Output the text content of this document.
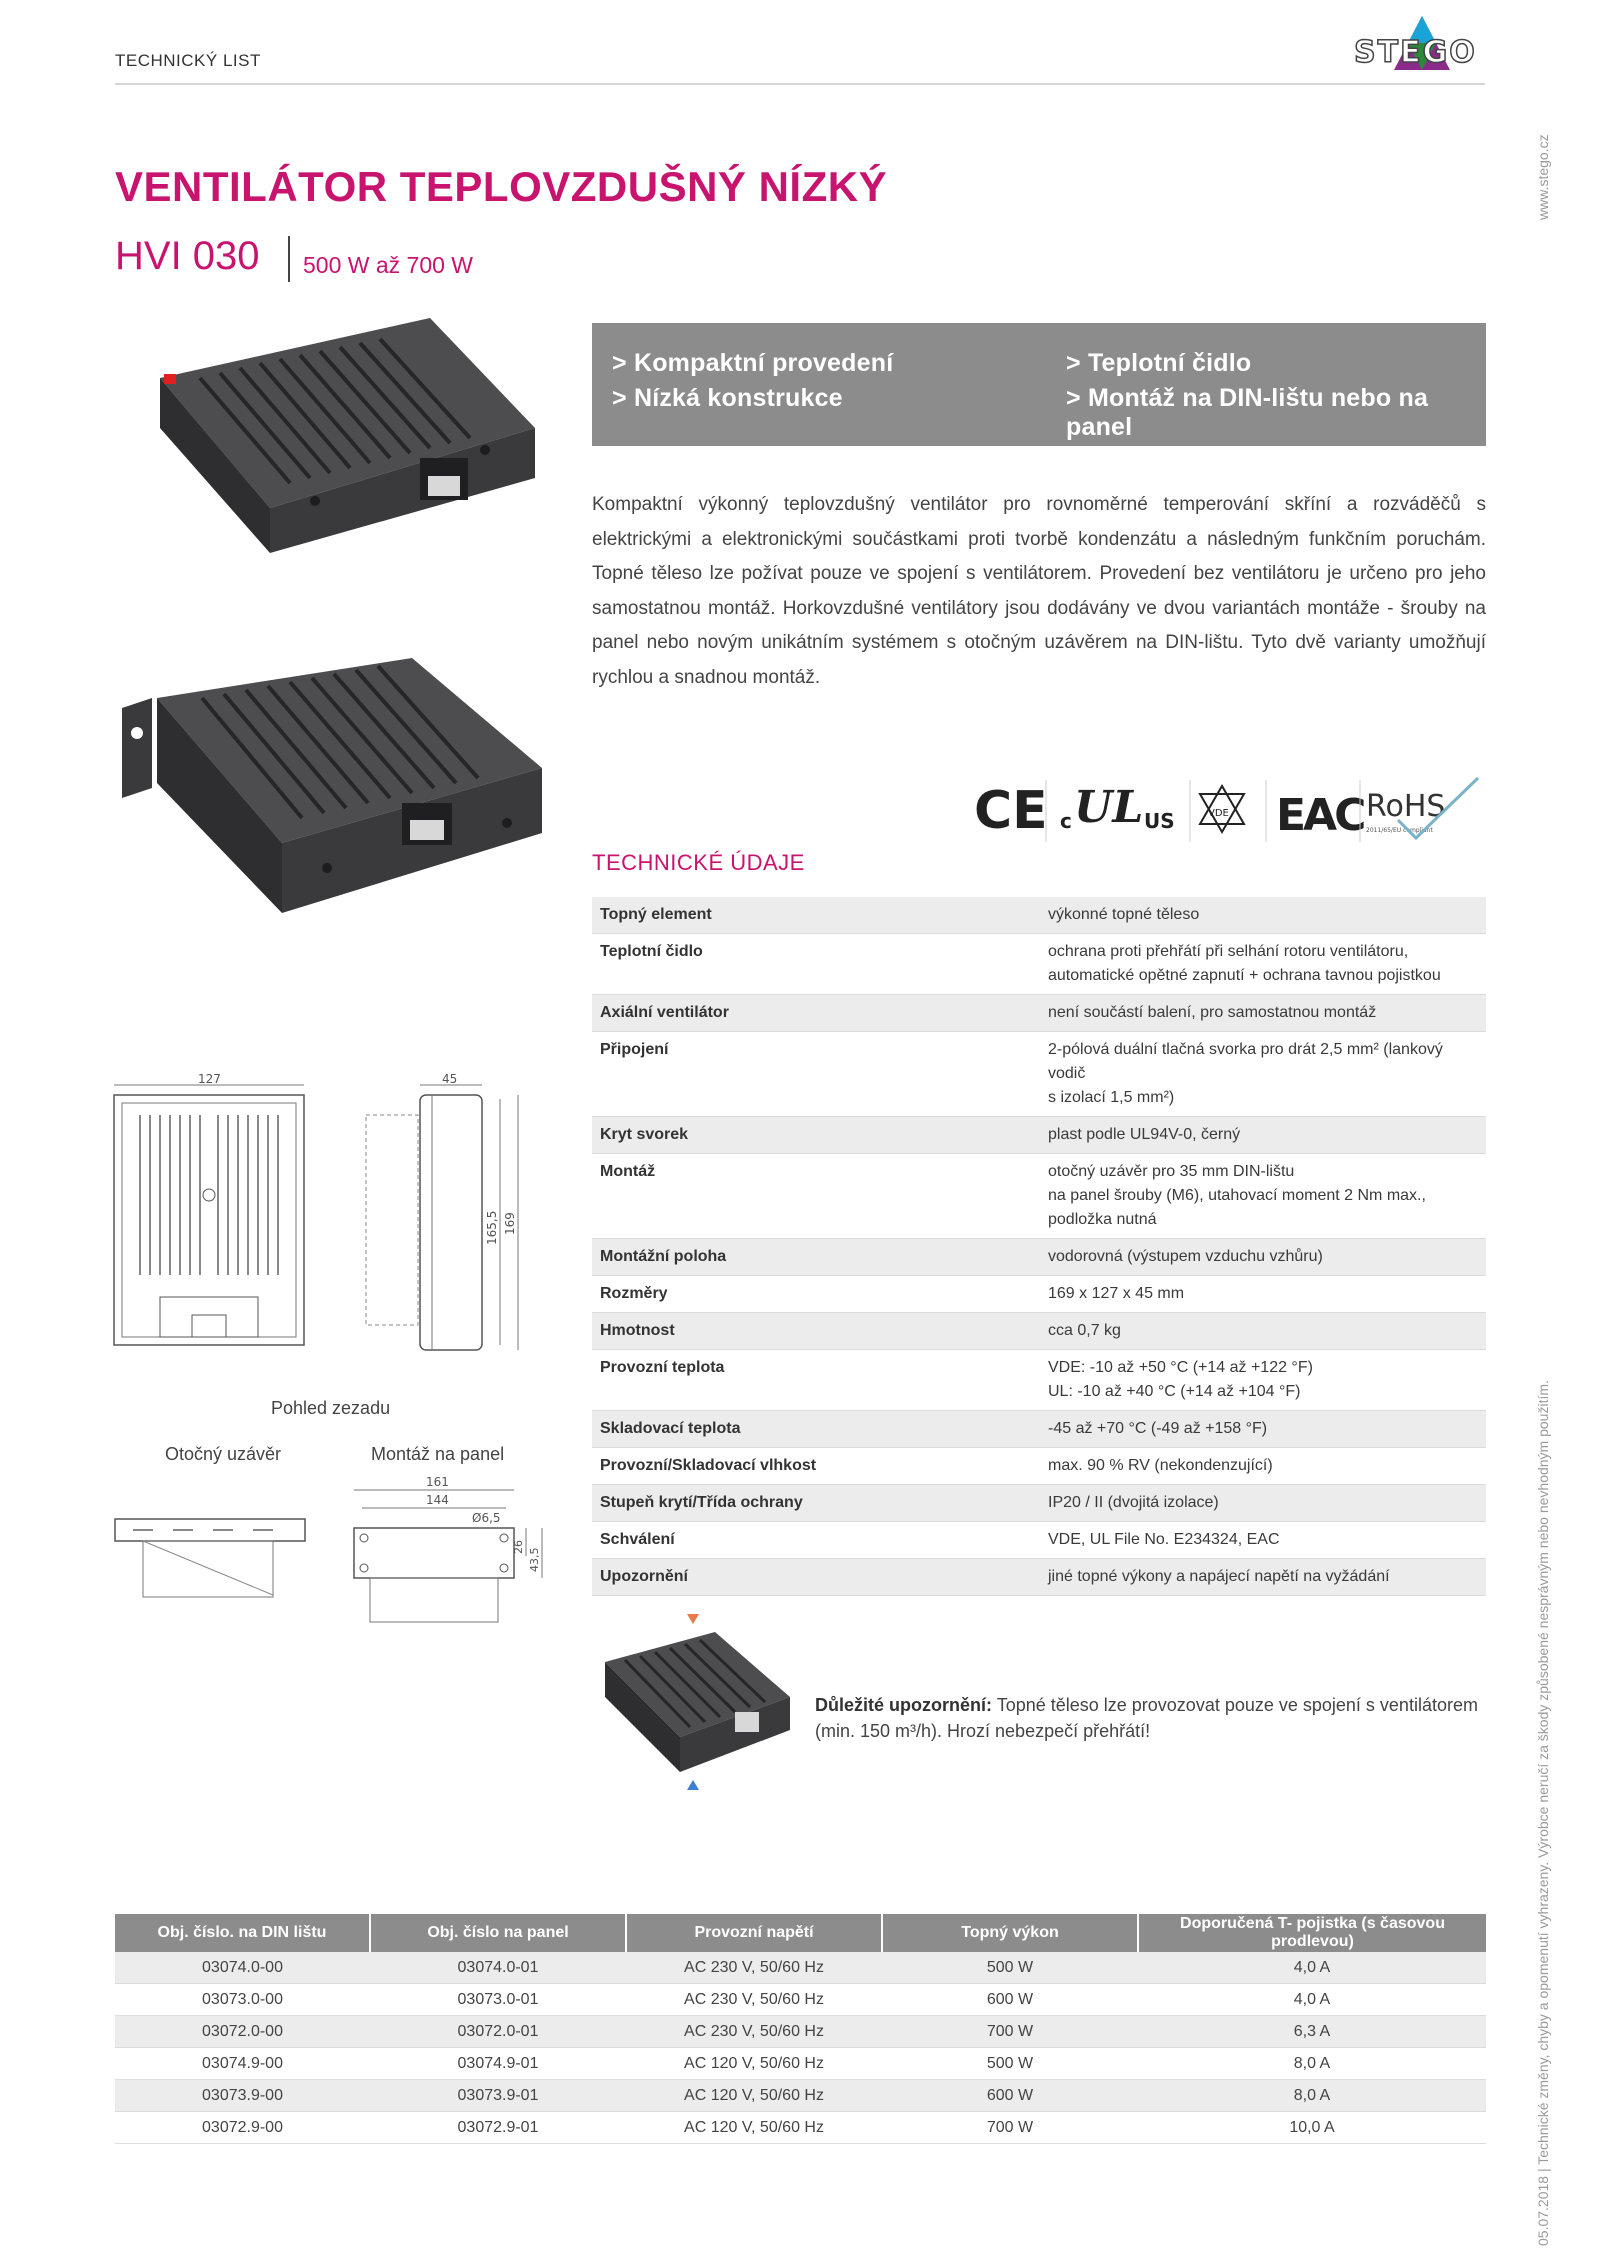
TECHNICKÝ LIST	STEGO
STEGO
www.stego.cz
05.07.2018 | Technické změny, chyby a opomenutí vyhrazeny. Výrobce neručí za škody způsobené nesprávným nebo nevhodným použitím.
VENTILÁTOR TEPLOVZDUŠNÝ NÍZKÝ
HVI 030 500 W až 700 W
> Kompaktní provedení
> Nízká konstrukce
> Teplotní čidlo
> Montáž na DIN-lištu nebo na panel
Kompaktní výkonný teplovzdušný ventilátor pro rovnoměrné temperování skříní a rozváděčů s elektrickými a elektronickými součástkami proti tvorbě kondenzátu a následným funkčním poruchám. Topné těleso lze požívat pouze ve spojení s ventilátorem. Provedení bez ventilátoru je určeno pro jeho samostatnou montáž. Horkovzdušné ventilátory jsou dodávány ve dvou variantách montáže - šrouby na panel nebo novým unikátním systémem s otočným uzávěrem na DIN-lištu. Tyto dvě varianty umožňují rychlou a snadnou montáž.
CE c UL US	VDE EAC RoHS
2011/65/EU compliant
TECHNICKÉ ÚDAJE
Topný element	výkonné topné těleso

Teplotní čidlo	ochrana proti přehřátí při selhání rotoru ventilátoru,
automatické opětné zapnutí + ochrana tavnou pojistkou

Axiální ventilátor	není součástí balení, pro samostatnou montáž

Připojení	2-pólová duální tlačná svorka pro drát 2,5 mm² (lankový vodič
s izolací 1,5 mm²)

Kryt svorek	plast podle UL94V-0, černý

Montáž	otočný uzávěr pro 35 mm DIN-lištu
na panel šrouby (M6), utahovací moment 2 Nm max.,
podložka nutná

Montážní poloha	vodorovná (výstupem vzduchu vzhůru)

Rozměry	169 x 127 x 45 mm

Hmotnost	cca 0,7 kg

Provozní teplota	VDE: -10 až +50 °C (+14 až +122 °F)
UL: -10 až +40 °C (+14 až +104 °F)

Skladovací teplota	-45 až +70 °C (-49 až +158 °F)

Provozní/Skladovací vlhkost	max. 90 % RV (nekondenzující)

Stupeň krytí/Třída ochrany	IP20 / II (dvojitá izolace)

Schválení	VDE, UL File No. E234324, EAC

Upozornění	jiné topné výkony a napájecí napětí na vyžádání
127	45
165,5 169
Pohled zezadu
Otočný uzávěr	Montáž na panel
161
144
Ø6,5
26
43,5
Důležité upozornění: Topné těleso lze provozovat pouze ve spojení s ventilátorem
(min. 150 m³/h). Hrozí nebezpečí přehřátí!
Obj. číslo. na DIN lištu	Obj. číslo na panel	Provozní napětí	Topný výkon	Doporučená T- pojistka (s časovou prodlevou)
03074.0-00	03074.0-01	AC 230 V, 50/60 Hz	500 W	4,0 A
03073.0-00	03073.0-01	AC 230 V, 50/60 Hz	600 W	4,0 A
03072.0-00	03072.0-01	AC 230 V, 50/60 Hz	700 W	6,3 A
03074.9-00	03074.9-01	AC 120 V, 50/60 Hz	500 W	8,0 A
03073.9-00	03073.9-01	AC 120 V, 50/60 Hz	600 W	8,0 A
03072.9-00	03072.9-01	AC 120 V, 50/60 Hz	700 W	10,0 A
